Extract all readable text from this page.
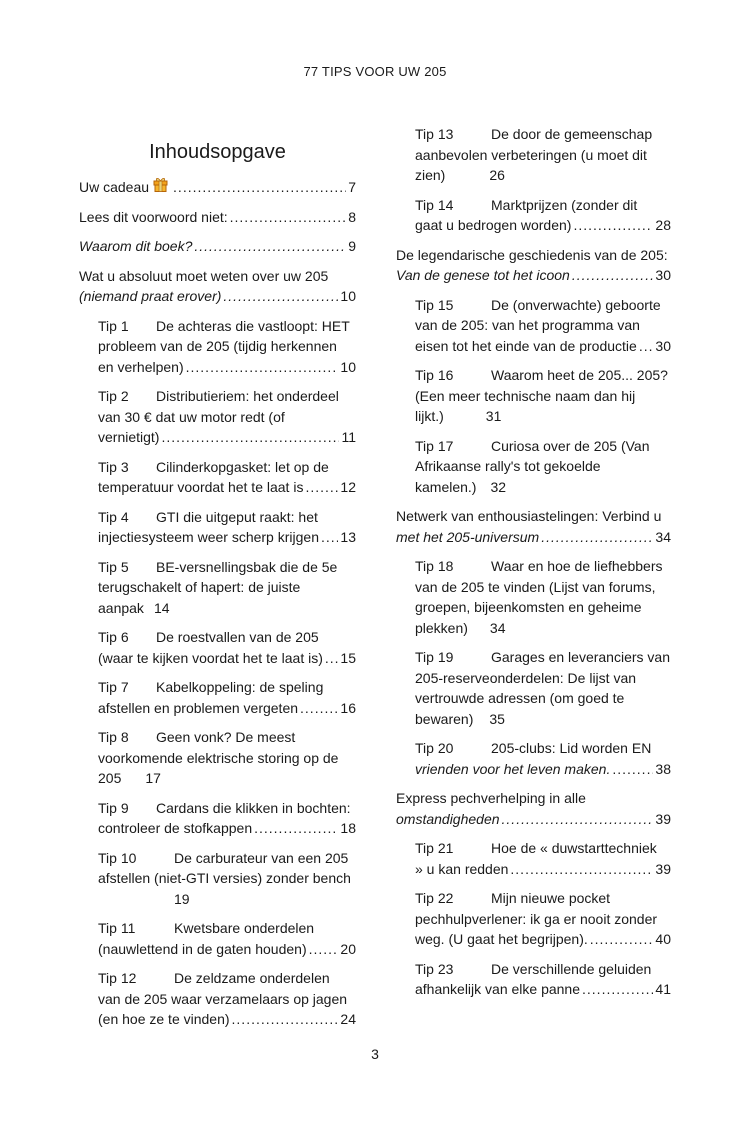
77 TIPS VOOR UW 205
Inhoudsopgave
Uw cadeau .....	7
Lees dit voorwoord niet: .....	8
Waarom dit boek? .....	9
Wat u absoluut moet weten over uw 205
(niemand praat erover) .....	10
Tip 1 De achteras die vastloopt: HET
probleem van de 205 (tijdig herkennen
en verhelpen) .....	10
Tip 2 Distributieriem: het onderdeel
van 30 € dat uw motor redt (of
vernietigt) .....	11
Tip 3 Cilinderkopgasket: let op de
temperatuur voordat het te laat is .....	12
Tip 4 GTI die uitgeput raakt: het
injectiesysteem weer scherp krijgen ..... 13
Tip 5 BE-versnellingsbak die de 5e
terugschakelt of hapert: de juiste
aanpak 14
Tip 6 De roestvallen van de 205
(waar te kijken voordat het te laat is) ..... 15
Tip 7 Kabelkoppeling: de speling
afstellen en problemen vergeten .....	16
Tip 8 Geen vonk? De meest
voorkomende elektrische storing op de
205 17
Tip 9 Cardans die klikken in bochten:
controleer de stofkappen .....	18
Tip 10	De carburateur van een 205
afstellen (niet-GTI versies) zonder bench
19
Tip 11	Kwetsbare onderdelen
(nauwlettend in de gaten houden) ..... 20
Tip 12	De zeldzame onderdelen
van de 205 waar verzamelaars op jagen
(en hoe ze te vinden) .....	24
Tip 13	De door de gemeenschap
aanbevolen verbeteringen (u moet dit
zien)	26
Tip 14	Marktprijzen (zonder dit
gaat u bedrogen worden) .....	28
De legendarische geschiedenis van de 205:
Van de genese tot het icoon .....	30
Tip 15	De (onverwachte) geboorte
van de 205: van het programma van
eisen tot het einde van de productie ..... 30
Tip 16	Waarom heet de 205... 205?
(Een meer technische naam dan hij
lijkt.)	31
Tip 17	Curiosa over de 205 (Van
Afrikaanse rally's tot gekoelde
kamelen.) 32
Netwerk van enthousiastelingen: Verbind u
met het 205-universum .....	34
Tip 18	Waar en hoe de liefhebbers
van de 205 te vinden (Lijst van forums,
groepen, bijeenkomsten en geheime
plekken) 34
Tip 19	Garages en leveranciers van
205-reserveonderdelen: De lijst van
vertrouwde adressen (om goed te
bewaren) 35
Tip 20	205-clubs: Lid worden EN
vrienden voor het leven maken. .....	38
Express pechverhelping in alle
omstandigheden .....	39
Tip 21	Hoe de « duwstarttechniek
» u kan redden .....	39
Tip 22	Mijn nieuwe pocket
pechhulpverlener: ik ga er nooit zonder
weg. (U gaat het begrijpen). .....	40
Tip 23	De verschillende geluiden
afhankelijk van elke panne .....	41
3
